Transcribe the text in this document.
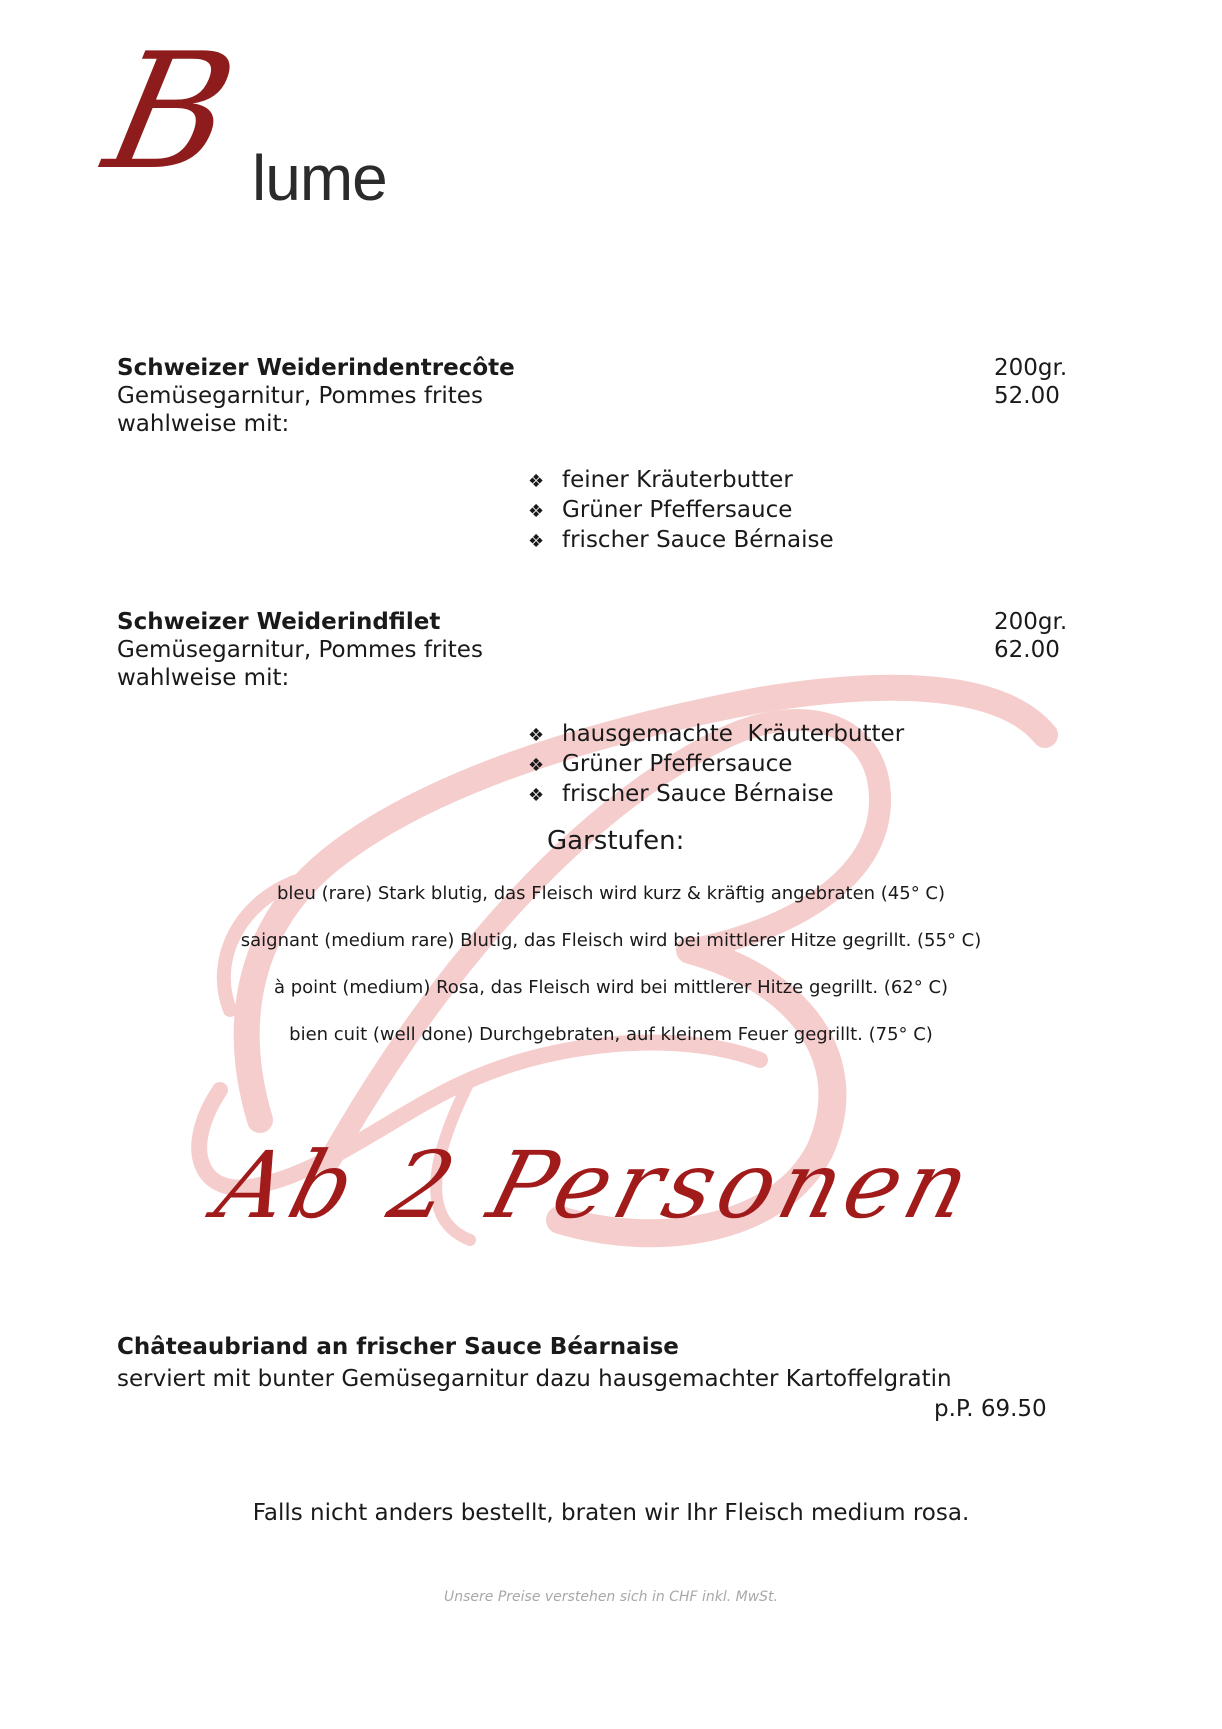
B lume
Schweizer Weiderindentrecôte
Gemüsegarnitur, Pommes frites
wahlweise mit:
200gr.
52.00
❖ feiner Kräuterbutter
❖ Grüner Pfeffersauce
❖ frischer Sauce Bérnaise
Schweizer Weiderindfilet
Gemüsegarnitur, Pommes frites
wahlweise mit:
200gr.
62.00
❖ hausgemachte  Kräuterbutter
❖ Grüner Pfeffersauce
❖ frischer Sauce Bérnaise
Garstufen:
bleu (rare) Stark blutig, das Fleisch wird kurz & kräftig angebraten (45° C)
saignant (medium rare) Blutig, das Fleisch wird bei mittlerer Hitze gegrillt. (55° C)
à point (medium) Rosa, das Fleisch wird bei mittlerer Hitze gegrillt. (62° C)
bien cuit (well done) Durchgebraten, auf kleinem Feuer gegrillt. (75° C)
Ab 2 Personen
Châteaubriand an frischer Sauce Béarnaise
serviert mit bunter Gemüsegarnitur dazu hausgemachter Kartoffelgratin
p.P. 69.50
Falls nicht anders bestellt, braten wir Ihr Fleisch medium rosa.
Unsere Preise verstehen sich in CHF inkl. MwSt.
